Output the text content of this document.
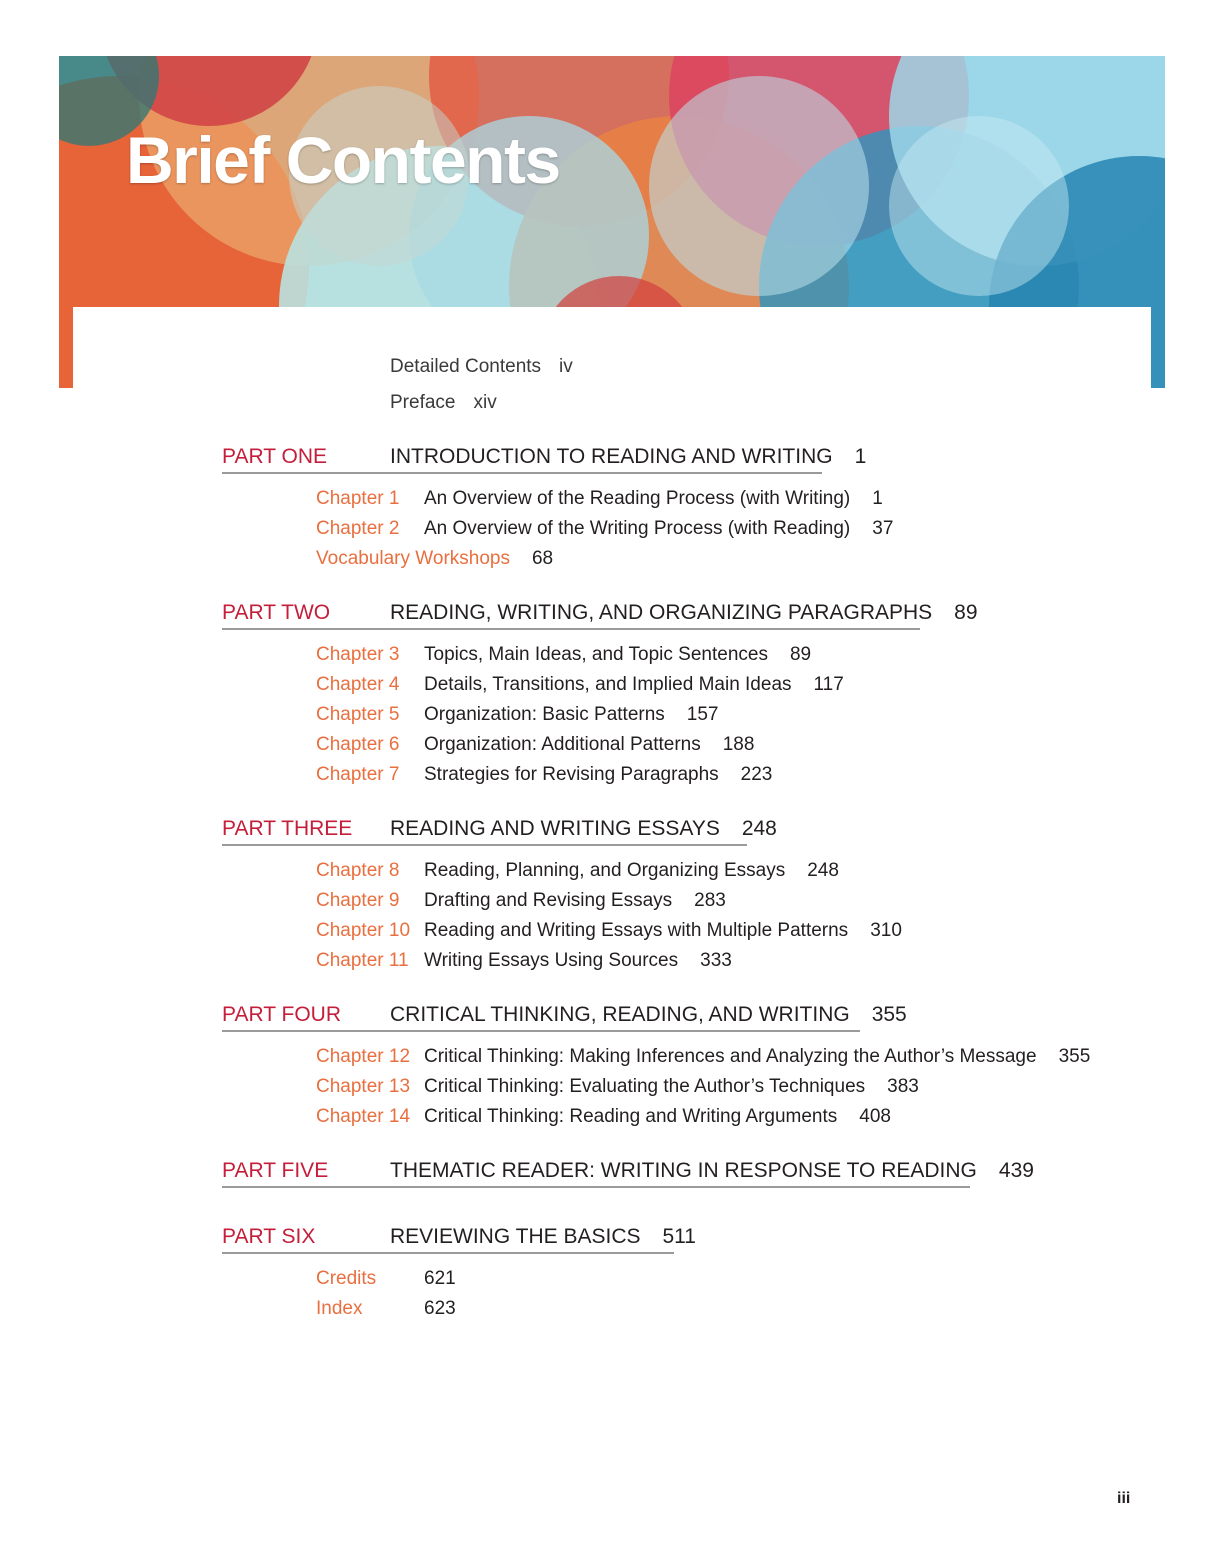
Brief Contents
Detailed Contents iv
Preface xiv
PART ONE	INTRODUCTION TO READING AND WRITING 1
Chapter 1 An Overview of the Reading Process (with Writing) 1
Chapter 2 An Overview of the Writing Process (with Reading) 37
Vocabulary Workshops 68
PART TWO	READING, WRITING, AND ORGANIZING PARAGRAPHS 89
Chapter 3 Topics, Main Ideas, and Topic Sentences 89
Chapter 4 Details, Transitions, and Implied Main Ideas 117
Chapter 5 Organization: Basic Patterns 157
Chapter 6 Organization: Additional Patterns 188
Chapter 7 Strategies for Revising Paragraphs 223
PART THREE READING AND WRITING ESSAYS 248
Chapter 8 Reading, Planning, and Organizing Essays 248
Chapter 9 Drafting and Revising Essays 283
Chapter 10 Reading and Writing Essays with Multiple Patterns 310
Chapter 11 Writing Essays Using Sources 333
PART FOUR CRITICAL THINKING, READING, AND WRITING 355
Chapter 12 Critical Thinking: Making Inferences and Analyzing the Author’s Message 355
Chapter 13 Critical Thinking: Evaluating the Author’s Techniques 383
Chapter 14 Critical Thinking: Reading and Writing Arguments 408
PART FIVE	THEMATIC READER: WRITING IN RESPONSE TO READING 439
PART SIX	REVIEWING THE BASICS 511
Credits	621
Index	623
iii
